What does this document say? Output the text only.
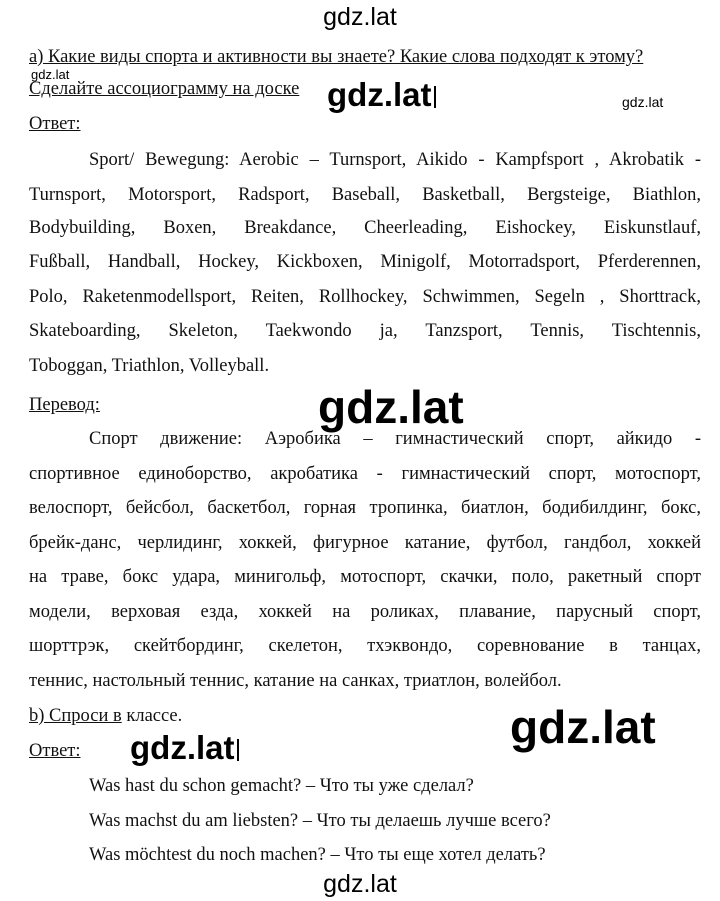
gdz.lat
gdz.lat
gdz.lat
a) Какие виды спорта и активности вы знаете? Какие слова подходят к этому?
Сделайте ассоциограмму на доске gdz.lat
Ответ:
Sport/ Bewegung: Aerobic – Turnsport, Aikido - Kampfsport , Akrobatik -
Turnsport, Motorsport, Radsport, Baseball, Basketball, Bergsteige, Biathlon,
Bodybuilding, Boxen, Breakdance, Cheerleading, Eishockey, Eiskunstlauf,
Fußball, Handball, Hockey, Kickboxen, Minigolf, Motorradsport, Pferderennen,
Polo, Raketenmodellsport, Reiten, Rollhockey, Schwimmen, Segeln , Shorttrack,
Skateboarding, Skeleton, Taekwondo ja, Tanzsport, Tennis, Tischtennis,
Toboggan, Triathlon, Volleyball.
Перевод:	gdz.lat
Спорт движение: Аэробика – гимнастический спорт, айкидо -
спортивное единоборство, акробатика - гимнастический спорт, мотоспорт,
велоспорт, бейсбол, баскетбол, горная тропинка, биатлон, бодибилдинг, бокс,
брейк-данс, черлидинг, хоккей, фигурное катание, футбол, гандбол, хоккей
на траве, бокс удара, минигольф, мотоспорт, скачки, поло, ракетный спорт
модели, верховая езда, хоккей на роликах, плавание, парусный спорт,
шорттрэк, скейтбординг, скелетон, тхэквондо, соревнование в танцах,
теннис, настольный теннис, катание на санках, триатлон, волейбол.
b) Спроси в классе.	gdz.lat
Ответ:	gdz.lat
Was hast du schon gemacht? – Что ты уже сделал?
Was machst du am liebsten? – Что ты делаешь лучше всего?
Was möchtest du noch machen? – Что ты еще хотел делать?
gdz.lat
